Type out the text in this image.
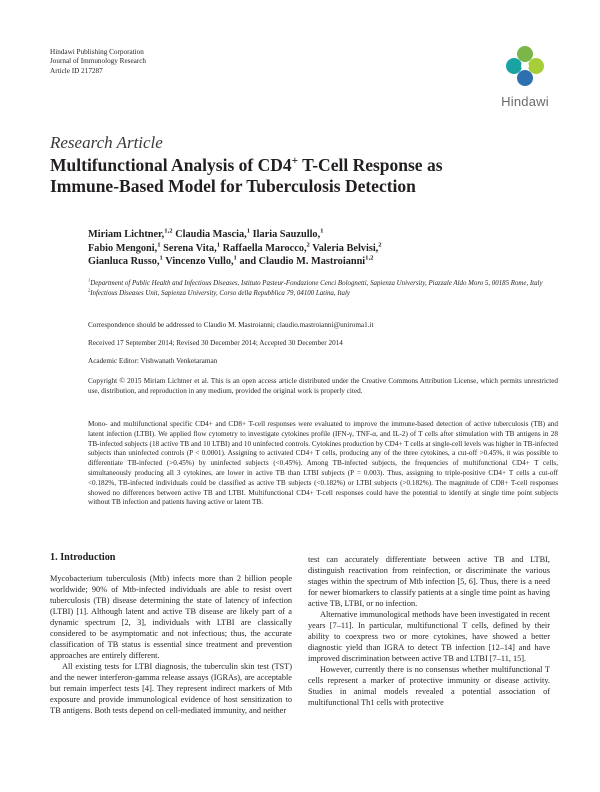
Hindawi Publishing Corporation
Journal of Immunology Research
Article ID 217287
Hindawi
Research Article
Multifunctional Analysis of CD4+ T-Cell Response as
Immune-Based Model for Tuberculosis Detection
Miriam Lichtner,$^{1,2}$ Claudia Mascia,$^1$ Ilaria Sauzullo,$^1$
Fabio Mengoni,$^1$ Serena Vita,$^1$ Raffaella Marocco,$^2$ Valeria Belvisi,$^2$
Gianluca Russo,$^1$ Vincenzo Vullo,$^1$ and Claudio M. Mastroianni$^{1,2}$
$^1$Department of Public Health and Infectious Diseases, Istituto Pasteur-Fondazione Cenci Bolognetti, Sapienza University, Piazzale Aldo Moro 5, 00185 Rome, Italy
$^2$Infectious Diseases Unit, Sapienza University, Corso della Repubblica 79, 04100 Latina, Italy
Correspondence should be addressed to Claudio M. Mastroianni; claudio.mastroianni@uniroma1.it
Received 17 September 2014; Revised 30 December 2014; Accepted 30 December 2014
Academic Editor: Vishwanath Venketaraman
Copyright © 2015 Miriam Lichtner et al. This is an open access article distributed under the Creative Commons Attribution License, which permits unrestricted use, distribution, and reproduction in any medium, provided the original work is properly cited.
Mono- and multifunctional specific CD4+ and CD8+ T-cell responses were evaluated to improve the immune-based detection of active tuberculosis (TB) and latent infection (LTBI). We applied flow cytometry to investigate cytokines profile (IFN-γ, TNF-α, and IL-2) of T cells after stimulation with TB antigens in 28 TB-infected subjects (18 active TB and 10 LTBI) and 10 uninfected controls. Cytokines production by CD4+ T cells at single-cell levels was higher in TB-infected subjects than uninfected controls (P < 0.0001). Assigning to activated CD4+ T cells, producing any of the three cytokines, a cut-off >0.45%, it was possible to differentiate TB-infected (>0.45%) by uninfected subjects (<0.45%). Among TB-infected subjects, the frequencies of multifunctional CD4+ T cells, simultaneously producing all 3 cytokines, are lower in active TB than LTBI subjects (P = 0.003). Thus, assigning to triple-positive CD4+ T cells a cut-off <0.182%, TB-infected individuals could be classified as active TB subjects (<0.182%) or LTBI subjects (>0.182%). The magnitude of CD8+ T-cell responses showed no differences between active TB and LTBI. Multifunctional CD4+ T-cell responses could have the potential to identify at single time point subjects without TB infection and patients having active or latent TB.
1. Introduction

Mycobacterium tuberculosis (Mtb) infects more than 2 billion people worldwide; 90% of Mtb-infected individuals are able to resist overt tuberculosis (TB) disease determining the state of latency of infection (LTBI) [1]. Although latent and active TB disease are likely part of a dynamic spectrum [2, 3], individuals with LTBI are classically considered to be asymptomatic and not infectious; thus, the accurate classification of TB status is essential since treatment and prevention approaches are entirely different.

All existing tests for LTBI diagnosis, the tuberculin skin test (TST) and the newer interferon-gamma release assays (IGRAs), are acceptable but remain imperfect tests [4]. They represent indirect markers of Mtb exposure and provide immunological evidence of host sensitization to TB antigens. Both tests depend on cell-mediated immunity, and neither

test can accurately differentiate between active TB and LTBI, distinguish reactivation from reinfection, or discriminate the various stages within the spectrum of Mtb infection [5, 6]. Thus, there is a need for newer biomarkers to classify patients at a single time point as having active TB, LTBI, or no infection.

Alternative immunological methods have been investigated in recent years [7–11]. In particular, multifunctional T cells, defined by their ability to coexpress two or more cytokines, have showed a better diagnostic yield than IGRA to detect TB infection [12–14] and have improved discrimination between active TB and LTBI [7–11, 15].

However, currently there is no consensus whether multifunctional T cells represent a marker of protective immunity or disease activity. Studies in animal models revealed a potential association of multifunctional Th1 cells with protective
